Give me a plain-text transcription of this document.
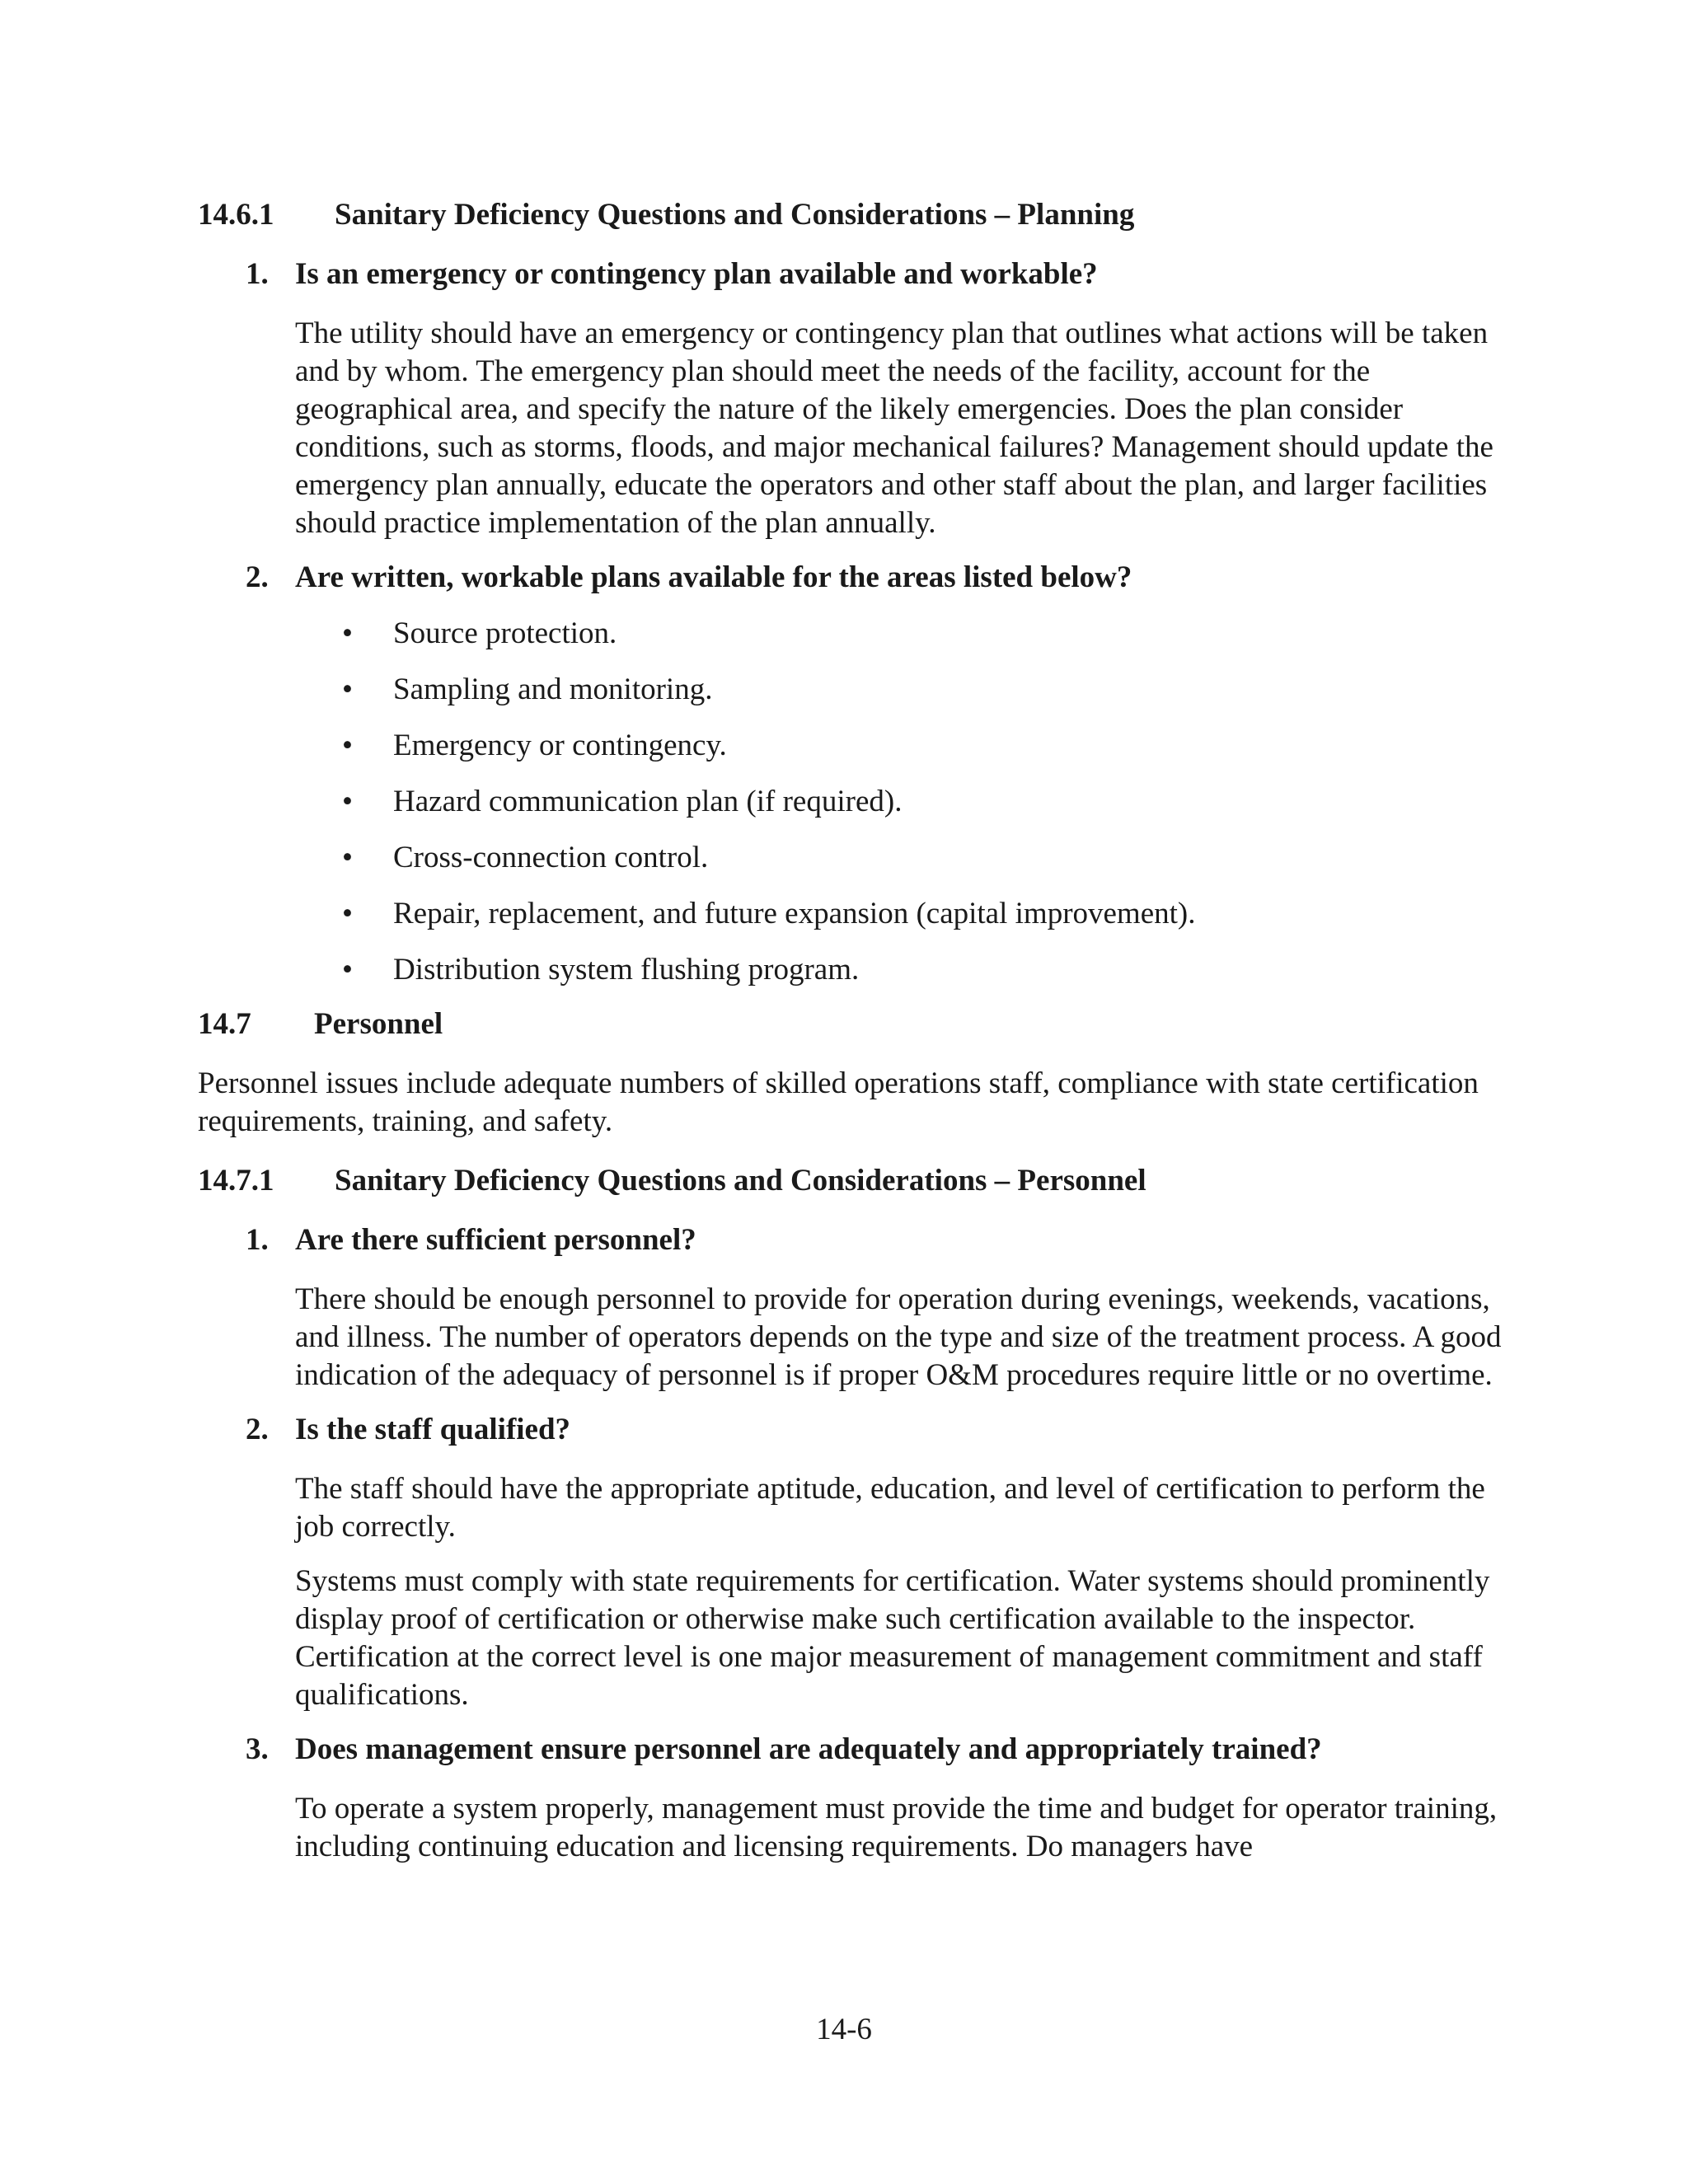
14.6.1	Sanitary Deficiency Questions and Considerations – Planning

1. Is an emergency or contingency plan available and workable?

The utility should have an emergency or contingency plan that outlines what actions will be taken and by whom. The emergency plan should meet the needs of the facility, account for the geographical area, and specify the nature of the likely emergencies. Does the plan consider conditions, such as storms, floods, and major mechanical failures? Management should update the emergency plan annually, educate the operators and other staff about the plan, and larger facilities should practice implementation of the plan annually.

2. Are written, workable plans available for the areas listed below?

•	Source protection.
•	Sampling and monitoring.
•	Emergency or contingency.
•	Hazard communication plan (if required).
•	Cross-connection control.
•	Repair, replacement, and future expansion (capital improvement).
•	Distribution system flushing program.

14.7	Personnel

Personnel issues include adequate numbers of skilled operations staff, compliance with state certification requirements, training, and safety.

14.7.1	Sanitary Deficiency Questions and Considerations – Personnel

1. Are there sufficient personnel?

There should be enough personnel to provide for operation during evenings, weekends, vacations, and illness. The number of operators depends on the type and size of the treatment process. A good indication of the adequacy of personnel is if proper O&M procedures require little or no overtime.

2. Is the staff qualified?

The staff should have the appropriate aptitude, education, and level of certification to perform the job correctly.

Systems must comply with state requirements for certification. Water systems should prominently display proof of certification or otherwise make such certification available to the inspector. Certification at the correct level is one major measurement of management commitment and staff qualifications.

3. Does management ensure personnel are adequately and appropriately trained?

To operate a system properly, management must provide the time and budget for operator training, including continuing education and licensing requirements. Do managers have

14-6
